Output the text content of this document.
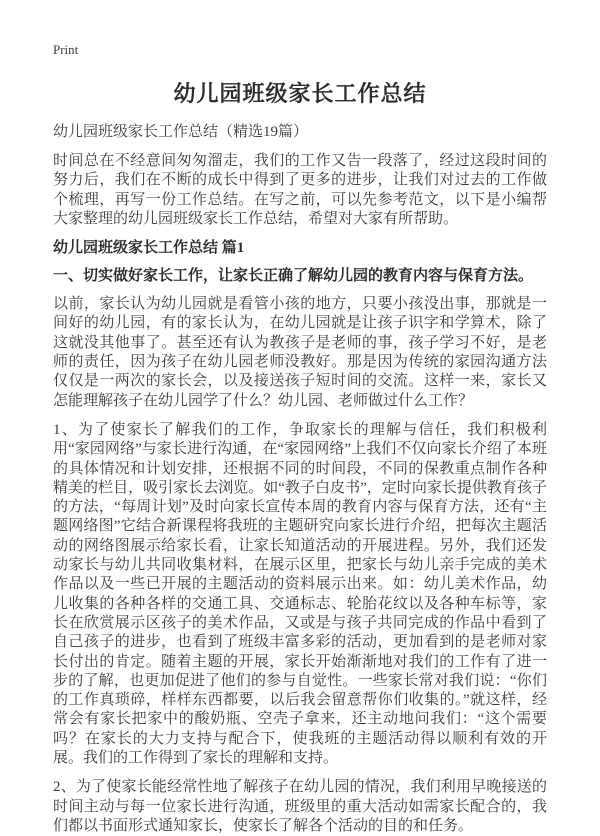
Print
幼儿园班级家长工作总结
幼儿园班级家长工作总结（精选19篇）

时间总在不经意间匆匆溜走，我们的工作又告一段落了，经过这段时间的努力后，我们在不断的成长中得到了更多的进步，让我们对过去的工作做个梳理，再写一份工作总结。在写之前，可以先参考范文，以下是小编帮大家整理的幼儿园班级家长工作总结，希望对大家有所帮助。

幼儿园班级家长工作总结 篇1
一、切实做好家长工作，让家长正确了解幼儿园的教育内容与保育方法。

以前，家长认为幼儿园就是看管小孩的地方，只要小孩没出事，那就是一间好的幼儿园，有的家长认为，在幼儿园就是让孩子识字和学算术，除了这就没其他事了。甚至还有认为教孩子是老师的事，孩子学习不好，是老师的责任，因为孩子在幼儿园老师没教好。那是因为传统的家园沟通方法仅仅是一两次的家长会，以及接送孩子短时间的交流。这样一来，家长又怎能理解孩子在幼儿园学了什么？幼儿园、老师做过什么工作？

1、为了使家长了解我们的工作，争取家长的理解与信任，我们积极利用“家园网络”与家长进行沟通，在“家园网络”上我们不仅向家长介绍了本班的具体情况和计划安排，还根据不同的时间段，不同的保教重点制作各种精美的栏目，吸引家长去浏览。如“教子白皮书”，定时向家长提供教育孩子的方法，“每周计划”及时向家长宣传本周的教育内容与保育方法，还有“主题网络图”它结合新课程将我班的主题研究向家长进行介绍，把每次主题活动的网络图展示给家长看，让家长知道活动的开展进程。另外，我们还发动家长与幼儿共同收集材料，在展示区里，把家长与幼儿亲手完成的美术作品以及一些已开展的主题活动的资料展示出来。如：幼儿美术作品，幼儿收集的各种各样的交通工具、交通标志、轮胎花纹以及各种车标等，家长在欣赏展示区孩子的美术作品，又或是与孩子共同完成的作品中看到了自己孩子的进步，也看到了班级丰富多彩的活动，更加看到的是老师对家长付出的肯定。随着主题的开展，家长开始渐渐地对我们的工作有了进一步的了解，也更加促进了他们的参与自觉性。一些家长常对我们说：“你们的工作真琐碎，样样东西都要，以后我会留意帮你们收集的。”就这样，经常会有家长把家中的酸奶瓶、空壳子拿来，还主动地问我们：“这个需要吗？在家长的大力支持与配合下，使我班的主题活动得以顺利有效的开展。我们的工作得到了家长的理解和支持。

2、为了使家长能经常性地了解孩子在幼儿园的情况，我们利用早晚接送的时间主动与每一位家长进行沟通，班级里的重大活动如需家长配合的，我们都以书面形式通知家长，使家长了解各个活动的目的和任务。
